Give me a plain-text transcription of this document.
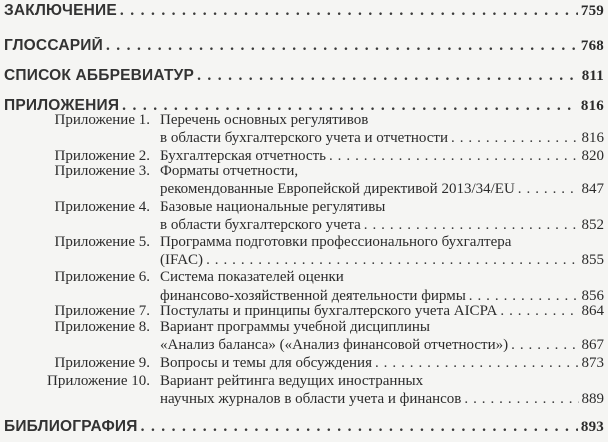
ЗАКЛЮЧЕНИЕ . . .	759
ГЛОССАРИЙ . . .	768
СПИСОК АББРЕВИАТУР . . .	811
ПРИЛОЖЕНИЯ . . .	816
Приложение 1. Перечень основных регулятивов
в области бухгалтерского учета и отчетности . . .	816
Приложение 2. Бухгалтерская отчетность . . .	820
Приложение 3. Форматы отчетности,
рекомендованные Европейской директивой 2013/34/EU . . .	847
Приложение 4. Базовые национальные регулятивы
в области бухгалтерского учета . . .	852
Приложение 5. Программа подготовки профессионального бухгалтера
(IFAC) . . .	855
Приложение 6. Система показателей оценки
финансово-хозяйственной деятельности фирмы . . .	856
Приложение 7. Постулаты и принципы бухгалтерского учета AICPA . . .	864
Приложение 8. Вариант программы учебной дисциплины
«Анализ баланса» («Анализ финансовой отчетности») . . .	867
Приложение 9. Вопросы и темы для обсуждения . . .	873
Приложение 10. Вариант рейтинга ведущих иностранных
научных журналов в области учета и финансов . . .	889
БИБЛИОГРАФИЯ . . .	893
